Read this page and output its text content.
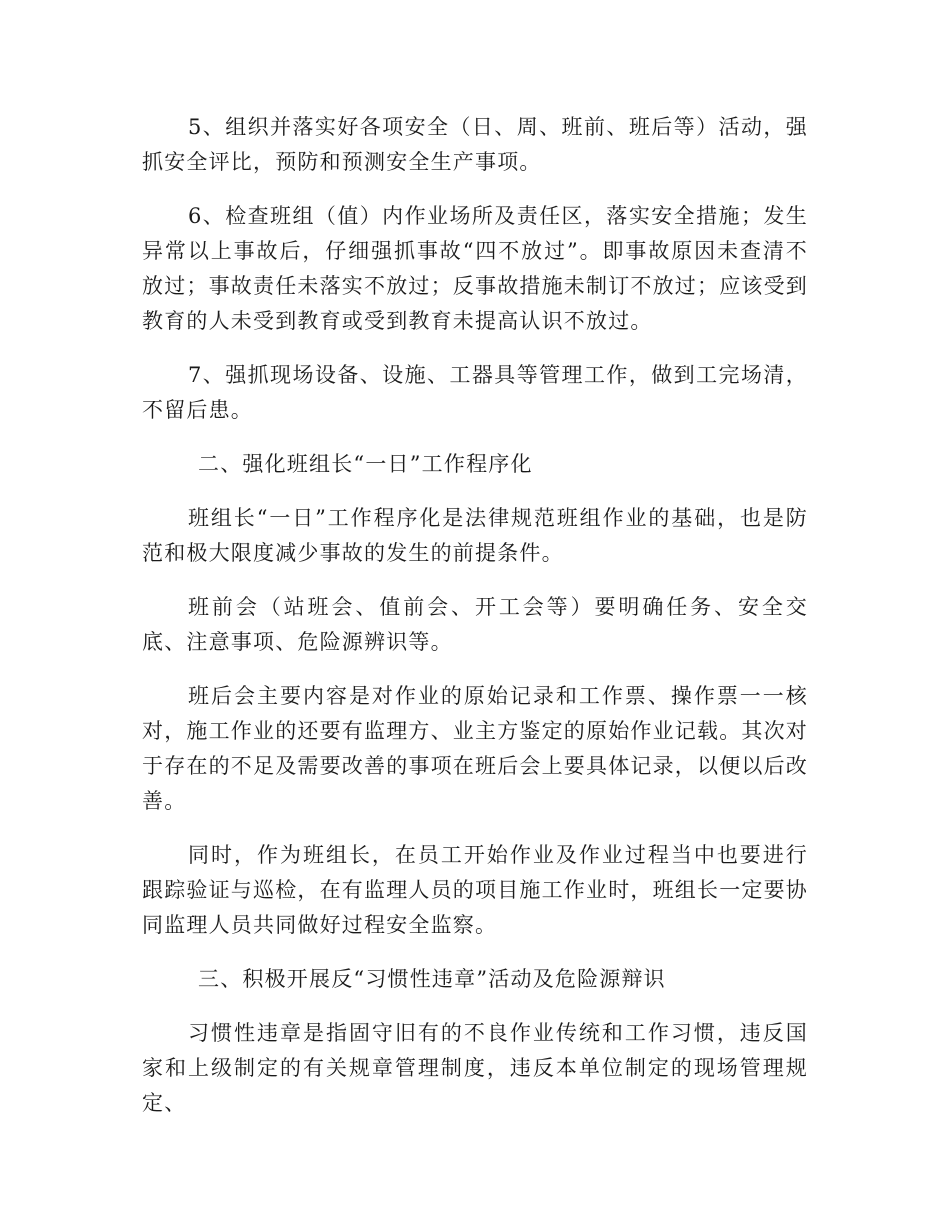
5、组织并落实好各项安全（日、周、班前、班后等）活动，强抓安全评比，预防和预测安全生产事项。

6、检查班组（值）内作业场所及责任区，落实安全措施；发生异常以上事故后，仔细强抓事故“四不放过”。即事故原因未查清不放过；事故责任未落实不放过；反事故措施未制订不放过；应该受到教育的人未受到教育或受到教育未提高认识不放过。

7、强抓现场设备、设施、工器具等管理工作，做到工完场清，不留后患。

二、强化班组长“一日”工作程序化

班组长“一日”工作程序化是法律规范班组作业的基础，也是防范和极大限度减少事故的发生的前提条件。

班前会（站班会、值前会、开工会等）要明确任务、安全交底、注意事项、危险源辨识等。

班后会主要内容是对作业的原始记录和工作票、操作票一一核对，施工作业的还要有监理方、业主方鉴定的原始作业记载。其次对于存在的不足及需要改善的事项在班后会上要具体记录，以便以后改善。

同时，作为班组长，在员工开始作业及作业过程当中也要进行跟踪验证与巡检，在有监理人员的项目施工作业时，班组长一定要协同监理人员共同做好过程安全监察。

三、积极开展反“习惯性违章”活动及危险源辩识

习惯性违章是指固守旧有的不良作业传统和工作习惯，违反国家和上级制定的有关规章管理制度，违反本单位制定的现场管理规定、
